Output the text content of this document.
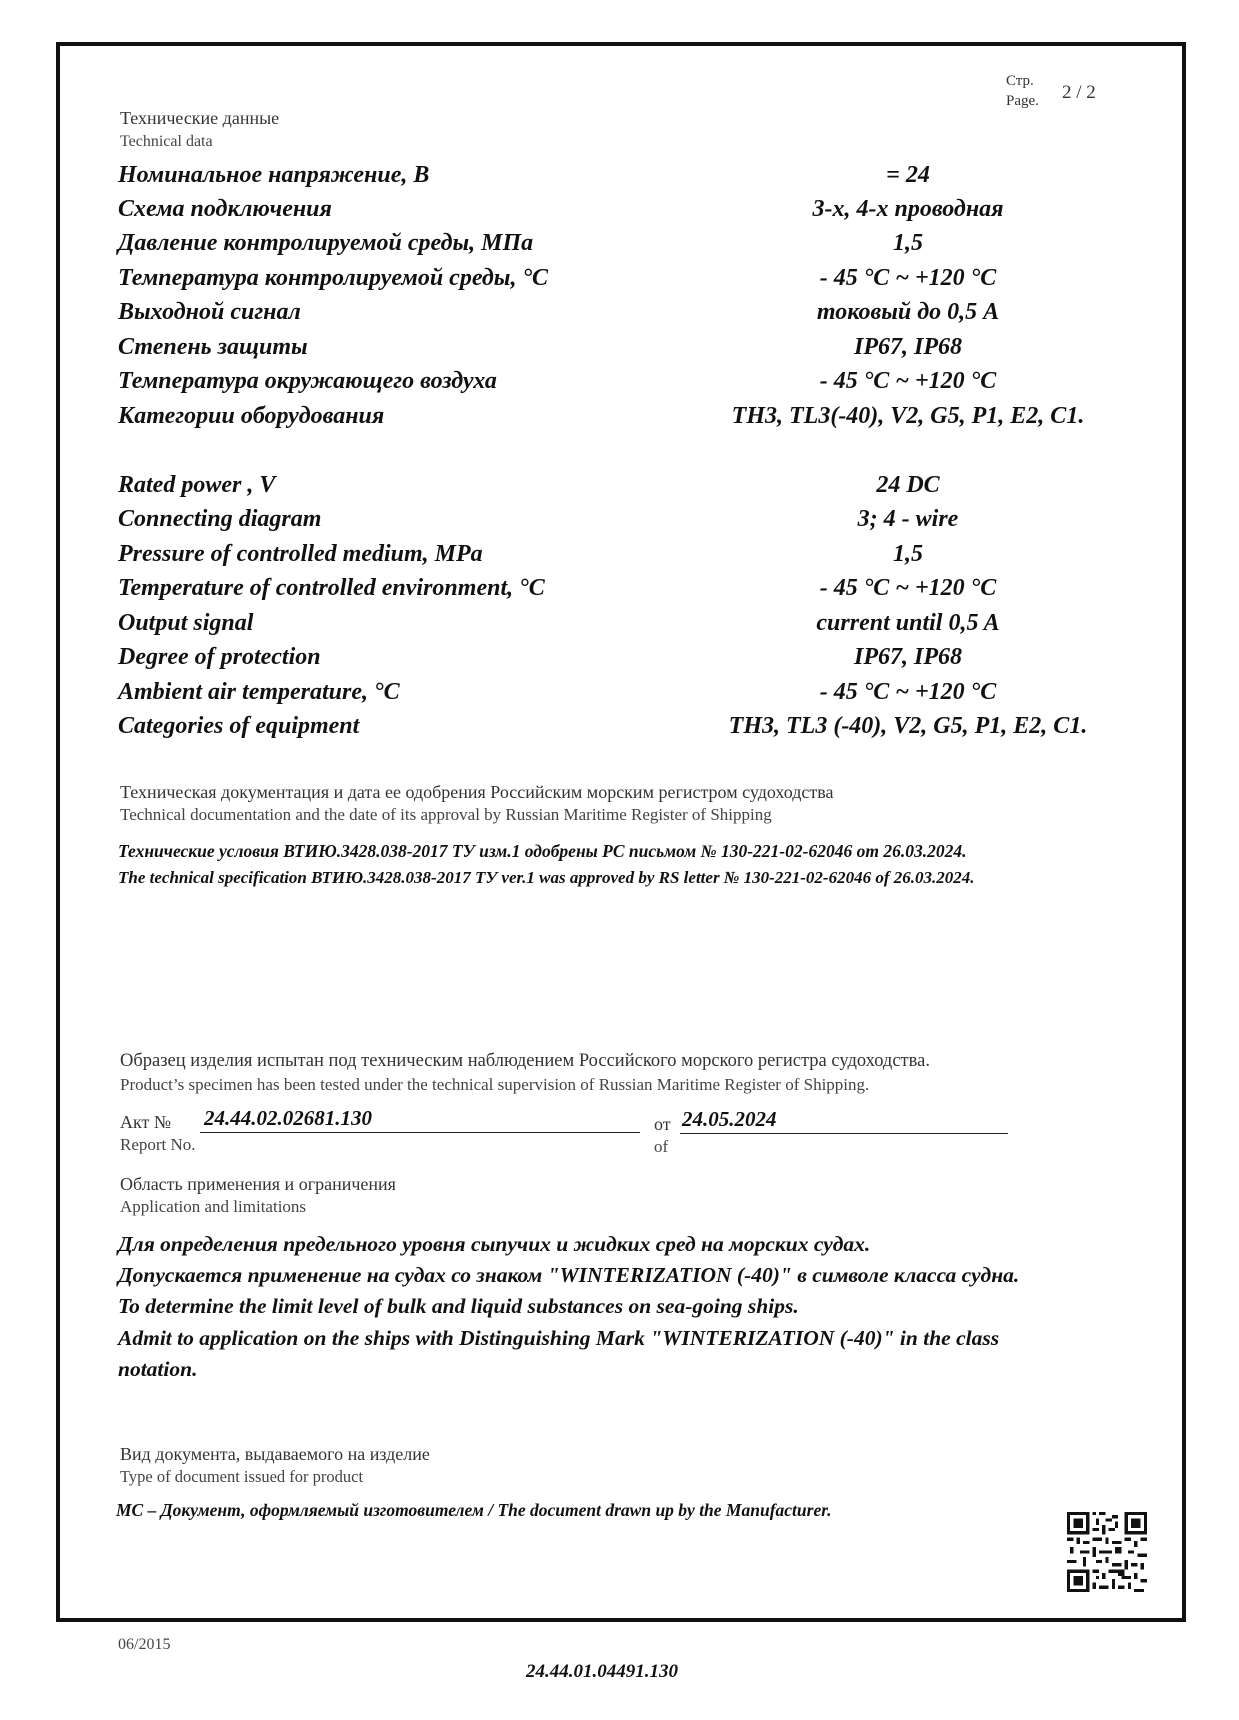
Стр.
Page. 2 / 2
Технические данные
Technical data
Номинальное напряжение, В	= 24
Схема подключения	3-х, 4-х проводная
Давление контролируемой среды, МПа	1,5
Температура контролируемой среды, °С	- 45 °С ~ +120 °С
Выходной сигнал	токовый до 0,5 А
Степень защиты	IP67, IP68
Температура окружающего воздуха	- 45 °С ~ +120 °С
Категории оборудования	TH3, TL3(-40), V2, G5, P1, E2, C1.
Rated power , V	24 DC
Connecting diagram	3; 4 - wire
Pressure of controlled medium, MPa	1,5
Temperature of controlled environment, °C	- 45 °C ~ +120 °C
Output signal	current until 0,5 A
Degree of protection	IP67, IP68
Ambient air temperature, °C	- 45 °C ~ +120 °C
Categories of equipment	TH3, TL3 (-40), V2, G5, P1, E2, C1.
Техническая документация и дата ее одобрения Российским морским регистром судоходства
Technical documentation and the date of its approval by Russian Maritime Register of Shipping
Технические условия ВТИЮ.3428.038-2017 ТУ изм.1 одобрены РС письмом № 130-221-02-62046 от 26.03.2024.
The technical specification ВТИЮ.3428.038-2017 ТУ ver.1 was approved by RS letter № 130-221-02-62046 of 26.03.2024.
Образец изделия испытан под техническим наблюдением Российского морского регистра судоходства.
Product’s specimen has been tested under the technical supervision of Russian Maritime Register of Shipping.
Акт №
Report No.
24.44.02.02681.130	от
of
24.05.2024
Область применения и ограничения
Application and limitations
Для определения предельного уровня сыпучих и жидких сред на морских судах.
Допускается применение на судах со знаком "WINTERIZATION (-40)" в символе класса судна.
To determine the limit level of bulk and liquid substances on sea-going ships.
Admit to application on the ships with Distinguishing Mark "WINTERIZATION (-40)" in the class
notation.
Вид документа, выдаваемого на изделие
Type of document issued for product
МС – Документ, оформляемый изготовителем / The document drawn up by the Manufacturer.
06/2015
24.44.01.04491.130
